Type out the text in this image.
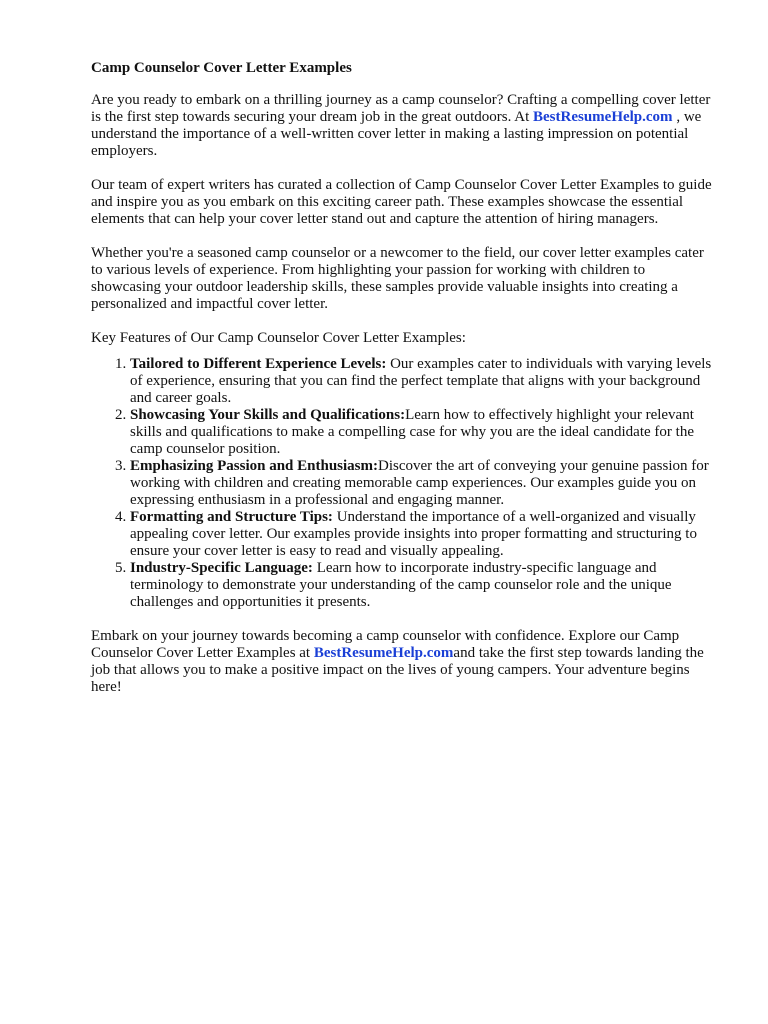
Camp Counselor Cover Letter Examples

Are you ready to embark on a thrilling journey as a camp counselor? Crafting a compelling cover letter is the first step towards securing your dream job in the great outdoors. At BestResumeHelp.com , we understand the importance of a well-written cover letter in making a lasting impression on potential employers.

Our team of expert writers has curated a collection of Camp Counselor Cover Letter Examples to guide and inspire you as you embark on this exciting career path. These examples showcase the essential elements that can help your cover letter stand out and capture the attention of hiring managers.

Whether you're a seasoned camp counselor or a newcomer to the field, our cover letter examples cater to various levels of experience. From highlighting your passion for working with children to showcasing your outdoor leadership skills, these samples provide valuable insights into creating a personalized and impactful cover letter.

Key Features of Our Camp Counselor Cover Letter Examples:

1. Tailored to Different Experience Levels: Our examples cater to individuals with varying levels of experience, ensuring that you can find the perfect template that aligns with your background and career goals.
2. Showcasing Your Skills and Qualifications:Learn how to effectively highlight your relevant skills and qualifications to make a compelling case for why you are the ideal candidate for the camp counselor position.
3. Emphasizing Passion and Enthusiasm:Discover the art of conveying your genuine passion for working with children and creating memorable camp experiences. Our examples guide you on expressing enthusiasm in a professional and engaging manner.
4. Formatting and Structure Tips: Understand the importance of a well-organized and visually appealing cover letter. Our examples provide insights into proper formatting and structuring to ensure your cover letter is easy to read and visually appealing.
5. Industry-Specific Language: Learn how to incorporate industry-specific language and terminology to demonstrate your understanding of the camp counselor role and the unique challenges and opportunities it presents.

Embark on your journey towards becoming a camp counselor with confidence. Explore our Camp Counselor Cover Letter Examples at BestResumeHelp.comand take the first step towards landing the job that allows you to make a positive impact on the lives of young campers. Your adventure begins here!
